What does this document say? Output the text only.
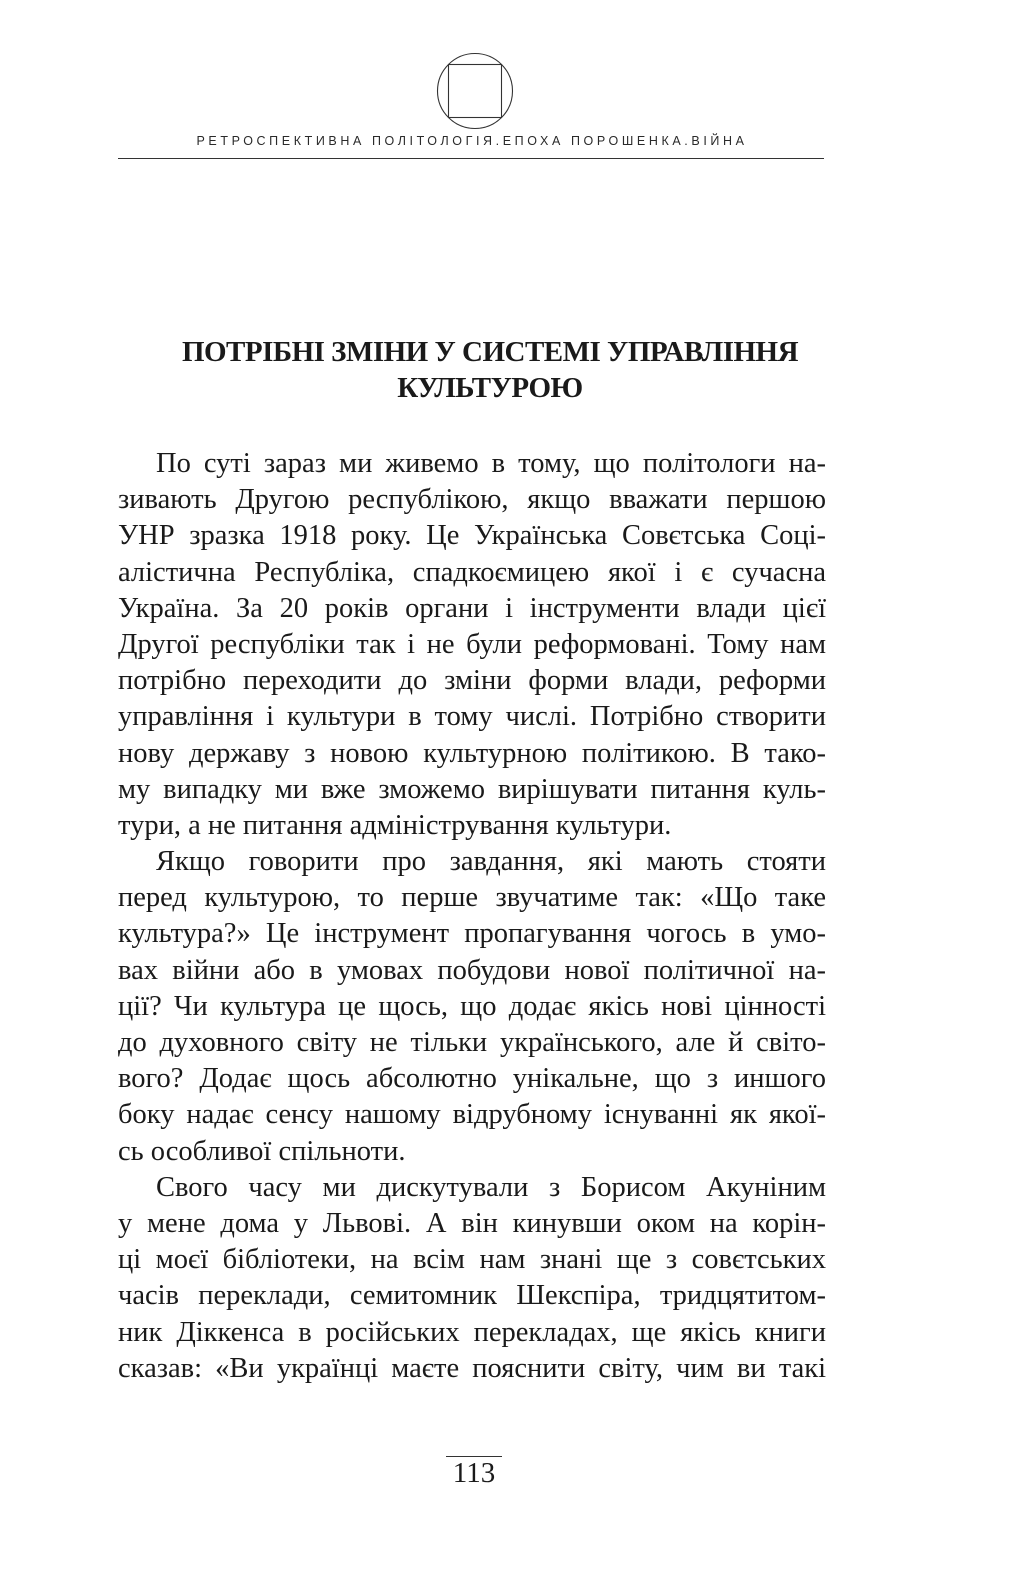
РЕТРОСПЕКТИВНА ПОЛІТОЛОГІЯ.ЕПОХА ПОРОШЕНКА.ВІЙНА
ПОТРІБНІ ЗМІНИ У СИСТЕМІ УПРАВЛІННЯ
КУЛЬТУРОЮ
По суті зараз ми живемо в тому, що політологи на-
зивають Другою республікою, якщо вважати першою
УНР зразка 1918 року. Це Українська Совєтська Соці-
алістична Республіка, спадкоємицею якої і є сучасна
Україна. За 20 років органи і інструменти влади цієї
Другої республіки так і не були реформовані. Тому нам
потрібно переходити до зміни форми влади, реформи
управління і культури в тому числі. Потрібно створити
нову державу з новою культурною політикою. В тако-
му випадку ми вже зможемо вирішувати питання куль-
тури, а не питання адміністрування культури.
Якщо говорити про завдання, які мають стояти
перед культурою, то перше звучатиме так: «Що таке
культура?» Це інструмент пропагування чогось в умо-
вах війни або в умовах побудови нової політичної на-
ції? Чи культура це щось, що додає якісь нові цінності
до духовного світу не тільки українського, але й світо-
вого? Додає щось абсолютно унікальне, що з иншого
боку надає сенсу нашому відрубному існуванні як якої-
сь особливої спільноти.
Свого часу ми дискутували з Борисом Акуніним
у мене дома у Львові. А він кинувши оком на корін-
ці моєї бібліотеки, на всім нам знані ще з совєтських
часів переклади, семитомник Шекспіра, тридцятитом-
ник Діккенса в російських перекладах, ще якісь книги
сказав: «Ви українці маєте пояснити світу, чим ви такі
113
